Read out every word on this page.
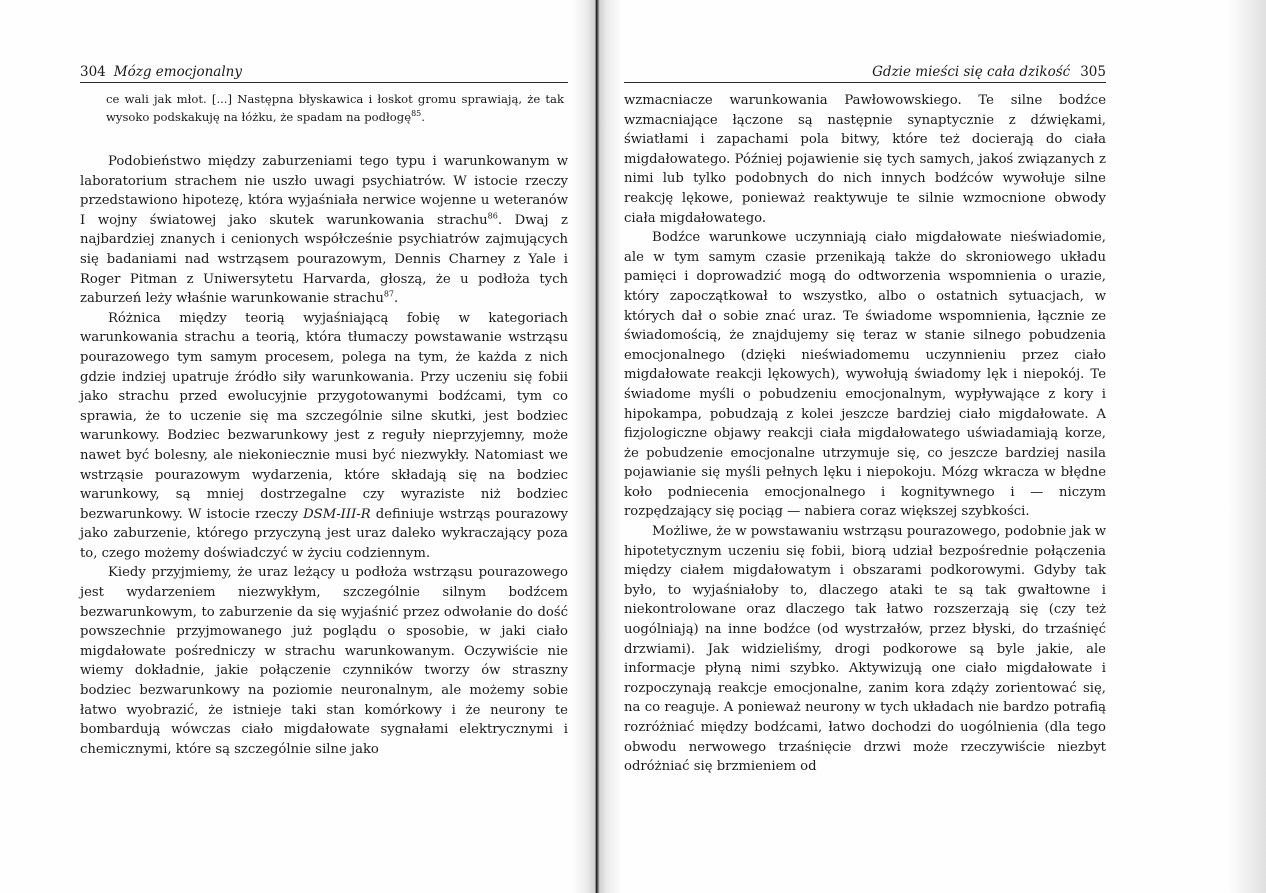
304 Mózg emocjonalny
ce wali jak młot. [...] Następna błyskawica i łoskot gromu sprawiają, że tak wysoko podskakuję na łóżku, że spadam na podłogę$^{85}$.

Podobieństwo między zaburzeniami tego typu i warunkowanym w laboratorium strachem nie uszło uwagi psychiatrów. W istocie rzeczy przedstawiono hipotezę, która wyjaśniała nerwice wojenne u weteranów I wojny światowej jako skutek warunkowania strachu$^{86}$. Dwaj z najbardziej znanych i cenionych współcześnie psychiatrów zajmujących się badaniami nad wstrząsem pourazowym, Dennis Charney z Yale i Roger Pitman z Uniwersytetu Harvarda, głoszą, że u podłoża tych zaburzeń leży właśnie warunkowanie strachu$^{87}$.

Różnica między teorią wyjaśniającą fobię w kategoriach warunkowania strachu a teorią, która tłumaczy powstawanie wstrząsu pourazowego tym samym procesem, polega na tym, że każda z nich gdzie indziej upatruje źródło siły warunkowania. Przy uczeniu się fobii jako strachu przed ewolucyjnie przygotowanymi bodźcami, tym co sprawia, że to uczenie się ma szczególnie silne skutki, jest bodziec warunkowy. Bodziec bezwarunkowy jest z reguły nieprzyjemny, może nawet być bolesny, ale niekoniecznie musi być niezwykły. Natomiast we wstrząsie pourazowym wydarzenia, które składają się na bodziec warunkowy, są mniej dostrzegalne czy wyraziste niż bodziec bezwarunkowy. W istocie rzeczy DSM-III-R definiuje wstrząs pourazowy jako zaburzenie, którego przyczyną jest uraz daleko wykraczający poza to, czego możemy doświadczyć w życiu codziennym.

Kiedy przyjmiemy, że uraz leżący u podłoża wstrząsu pourazowego jest wydarzeniem niezwykłym, szczególnie silnym bodźcem bezwarunkowym, to zaburzenie da się wyjaśnić przez odwołanie do dość powszechnie przyjmowanego już poglądu o sposobie, w jaki ciało migdałowate pośredniczy w strachu warunkowanym. Oczywiście nie wiemy dokładnie, jakie połączenie czynników tworzy ów straszny bodziec bezwarunkowy na poziomie neuronalnym, ale możemy sobie łatwo wyobrazić, że istnieje taki stan komórkowy i że neurony te bombardują wówczas ciało migdałowate sygnałami elektrycznymi i chemicznymi, które są szczególnie silne jako

Gdzie mieści się cała dzikość 305

wzmacniacze warunkowania Pawłowowskiego. Te silne bodźce wzmacniające łączone są następnie synaptycznie z dźwiękami, światłami i zapachami pola bitwy, które też docierają do ciała migdałowatego. Później pojawienie się tych samych, jakoś związanych z nimi lub tylko podobnych do nich innych bodźców wywołuje silne reakcję lękowe, ponieważ reaktywuje te silnie wzmocnione obwody ciała migdałowatego.

Bodźce warunkowe uczynniają ciało migdałowate nieświadomie, ale w tym samym czasie przenikają także do skroniowego układu pamięci i doprowadzić mogą do odtworzenia wspomnienia o urazie, który zapoczątkował to wszystko, albo o ostatnich sytuacjach, w których dał o sobie znać uraz. Te świadome wspomnienia, łącznie ze świadomością, że znajdujemy się teraz w stanie silnego pobudzenia emocjonalnego (dzięki nieświadomemu uczynnieniu przez ciało migdałowate reakcji lękowych), wywołują świadomy lęk i niepokój. Te świadome myśli o pobudzeniu emocjonalnym, wypływające z kory i hipokampa, pobudzają z kolei jeszcze bardziej ciało migdałowate. A fizjologiczne objawy reakcji ciała migdałowatego uświadamiają korze, że pobudzenie emocjonalne utrzymuje się, co jeszcze bardziej nasila pojawianie się myśli pełnych lęku i niepokoju. Mózg wkracza w błędne koło podniecenia emocjonalnego i kognitywnego i — niczym rozpędzający się pociąg — nabiera coraz większej szybkości.

Możliwe, że w powstawaniu wstrząsu pourazowego, podobnie jak w hipotetycznym uczeniu się fobii, biorą udział bezpośrednie połączenia między ciałem migdałowatym i obszarami podkorowymi. Gdyby tak było, to wyjaśniałoby to, dlaczego ataki te są tak gwałtowne i niekontrolowane oraz dlaczego tak łatwo rozszerzają się (czy też uogólniają) na inne bodźce (od wystrzałów, przez błyski, do trzaśnięć drzwiami). Jak widzieliśmy, drogi podkorowe są byle jakie, ale informacje płyną nimi szybko. Aktywizują one ciało migdałowate i rozpoczynają reakcje emocjonalne, zanim kora zdąży zorientować się, na co reaguje. A ponieważ neurony w tych układach nie bardzo potrafią rozróżniać między bodźcami, łatwo dochodzi do uogólnienia (dla tego obwodu nerwowego trzaśnięcie drzwi może rzeczywiście niezbyt odróżniać się brzmieniem od
